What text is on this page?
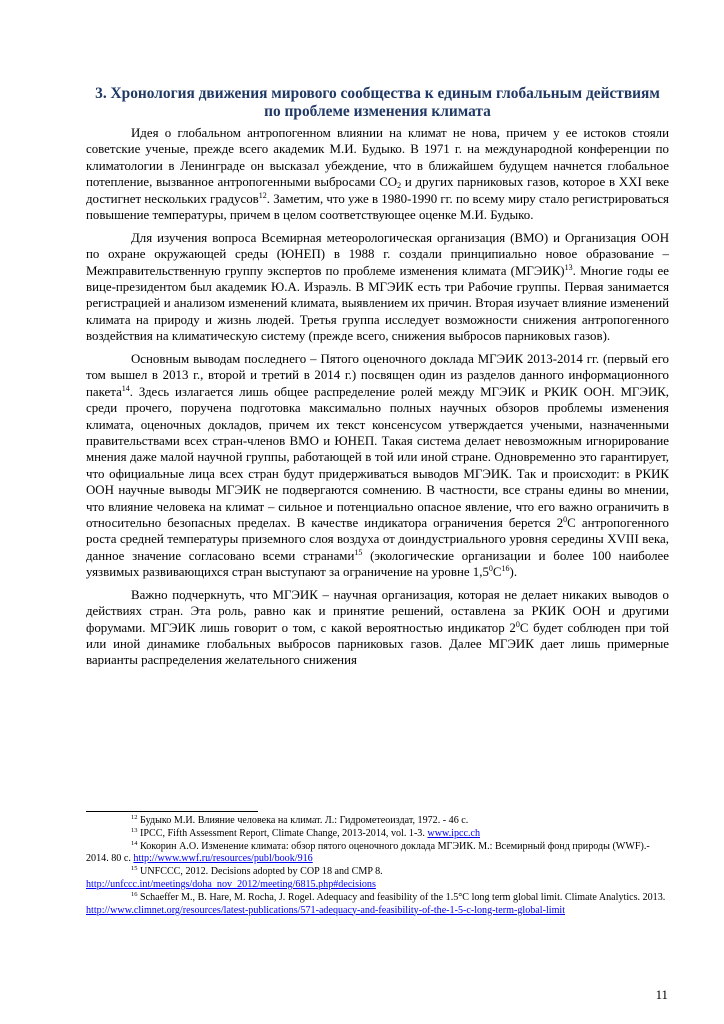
3. Хронология движения мирового сообщества к единым глобальным действиям по проблеме изменения климата

Идея о глобальном антропогенном влиянии на климат не нова, причем у ее истоков стояли советские ученые, прежде всего академик М.И. Будыко. В 1971 г. на международной конференции по климатологии в Ленинграде он высказал убеждение, что в ближайшем будущем начнется глобальное потепление, вызванное антропогенными выбросами $CO_2$ и других парниковых газов, которое в XXI веке достигнет нескольких градусов$^{12}$. Заметим, что уже в 1980-1990 гг. по всему миру стало регистрироваться повышение температуры, причем в целом соответствующее оценке М.И. Будыко.

Для изучения вопроса Всемирная метеорологическая организация (ВМО) и Организация ООН по охране окружающей среды (ЮНЕП) в 1988 г. создали принципиально новое образование – Межправительственную группу экспертов по проблеме изменения климата (МГЭИК)$^{13}$. Многие годы ее вице-президентом был академик Ю.А. Израэль. В МГЭИК есть три Рабочие группы. Первая занимается регистрацией и анализом изменений климата, выявлением их причин. Вторая изучает влияние изменений климата на природу и жизнь людей. Третья группа исследует возможности снижения антропогенного воздействия на климатическую систему (прежде всего, снижения выбросов парниковых газов).

Основным выводам последнего – Пятого оценочного доклада МГЭИК 2013-2014 гг. (первый его том вышел в 2013 г., второй и третий в 2014 г.) посвящен один из разделов данного информационного пакета$^{14}$. Здесь излагается лишь общее распределение ролей между МГЭИК и РКИК ООН. МГЭИК, среди прочего, поручена подготовка максимально полных научных обзоров проблемы изменения климата, оценочных докладов, причем их текст консенсусом утверждается учеными, назначенными правительствами всех стран-членов ВМО и ЮНЕП. Такая система делает невозможным игнорирование мнения даже малой научной группы, работающей в той или иной стране. Одновременно это гарантирует, что официальные лица всех стран будут придерживаться выводов МГЭИК. Так и происходит: в РКИК ООН научные выводы МГЭИК не подвергаются сомнению. В частности, все страны едины во мнении, что влияние человека на климат – сильное и потенциально опасное явление, что его важно ограничить в относительно безопасных пределах. В качестве индикатора ограничения берется $2^0С$ антропогенного роста средней температуры приземного слоя воздуха от доиндустриального уровня середины XVIII века, данное значение согласовано всеми странами$^{15}$ (экологические организации и более 100 наиболее уязвимых развивающихся стран выступают за ограничение на уровне $1,5^0С^{16}$).

Важно подчеркнуть, что МГЭИК – научная организация, которая не делает никаких выводов о действиях стран. Эта роль, равно как и принятие решений, оставлена за РКИК ООН и другими форумами. МГЭИК лишь говорит о том, с какой вероятностью индикатор $2^0С$ будет соблюден при той или иной динамике глобальных выбросов парниковых газов. Далее МГЭИК дает лишь примерные варианты распределения желательного снижения

$^{12}$ Будыко М.И. Влияние человека на климат. Л.: Гидрометеоиздат, 1972. - 46 с.

$^{13}$ IPCC, Fifth Assessment Report, Climate Change, 2013-2014, vol. 1-3. www.ipcc.ch

$^{14}$ Кокорин А.О. Изменение климата: обзор пятого оценочного доклада МГЭИК. М.: Всемирный фонд природы (WWF).- 2014. 80 с. http://www.wwf.ru/resources/publ/book/916

$^{15}$ UNFCCC, 2012. Decisions adopted by COP 18 and CMP 8.
http://unfccc.int/meetings/doha_nov_2012/meeting/6815.php#decisions

$^{16}$ Schaeffer M., B. Hare, M. Rocha, J. Rogel. Adequacy and feasibility of the 1.5°C long term global limit. Climate Analytics. 2013. http://www.climnet.org/resources/latest-publications/571-adequacy-and-feasibility-of-the-1-5-c-long-term-global-limit

11
